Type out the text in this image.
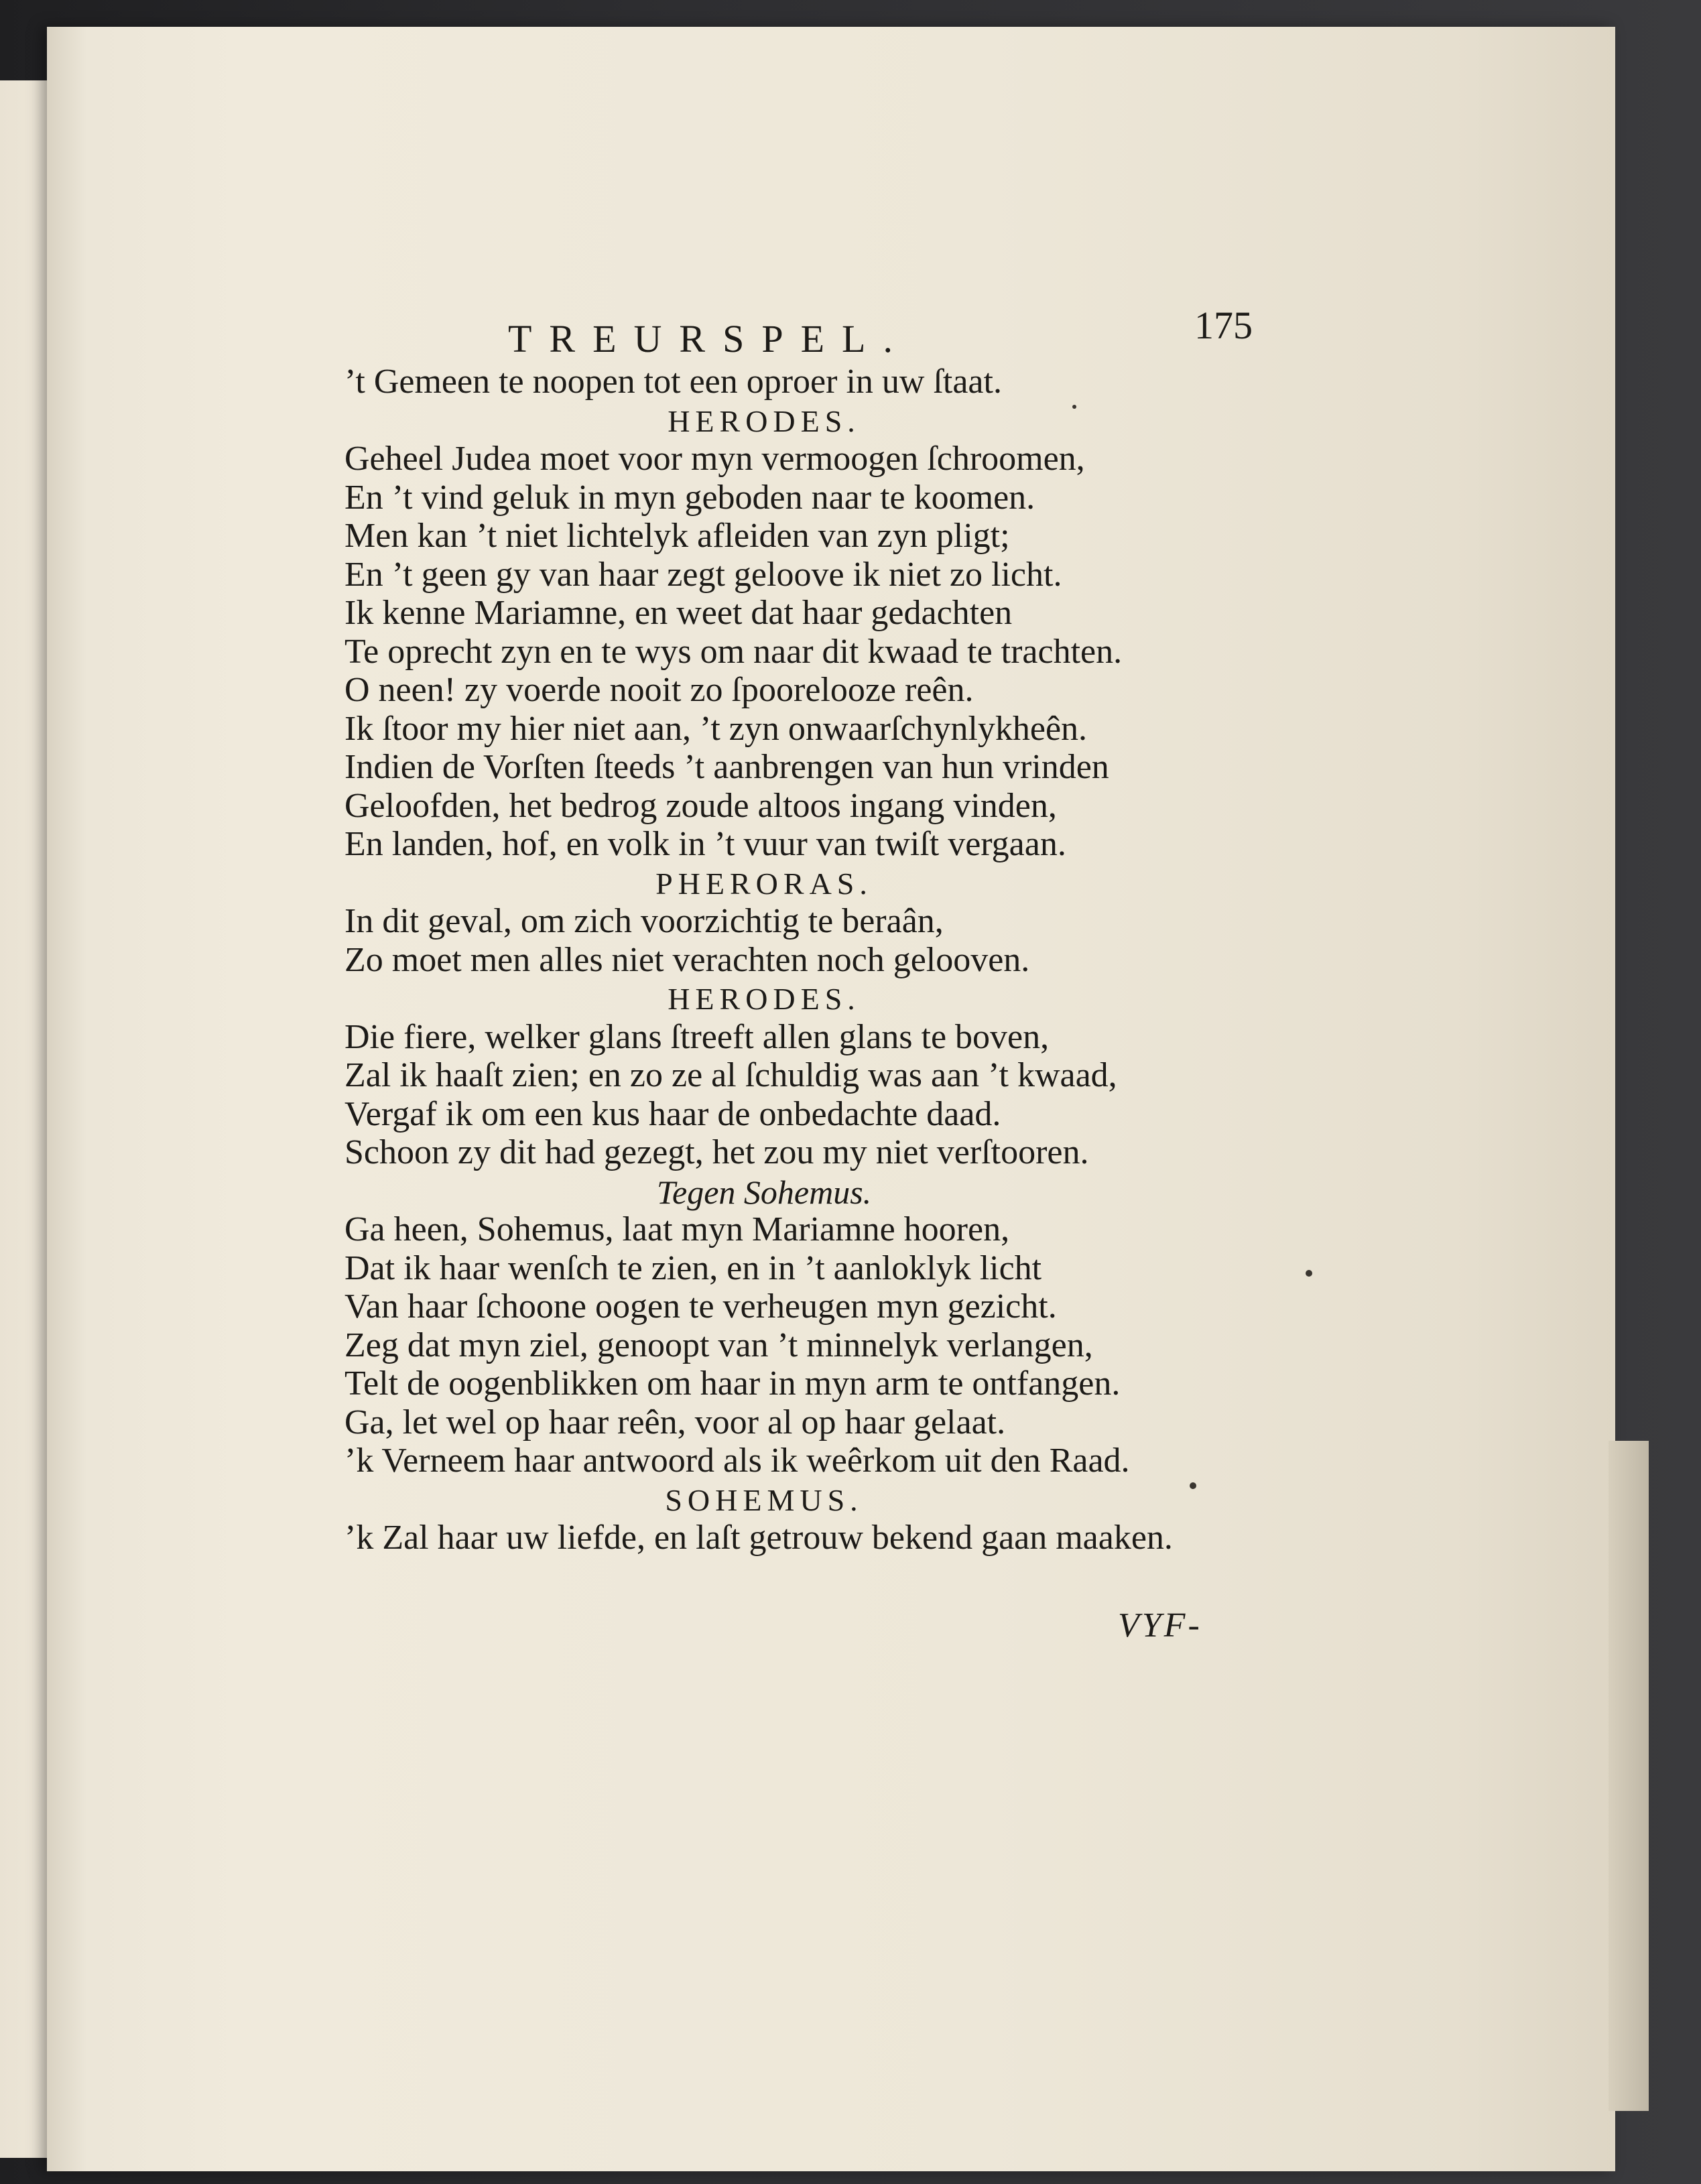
TREURSPEL.	175
’t Gemeen te noopen tot een oproer in uw ſtaat.
HERODES.
Geheel Judea moet voor myn vermoogen ſchroomen,
En ’t vind geluk in myn geboden naar te koomen.
Men kan ’t niet lichtelyk afleiden van zyn pligt;
En ’t geen gy van haar zegt geloove ik niet zo licht.
Ik kenne Mariamne, en weet dat haar gedachten
Te oprecht zyn en te wys om naar dit kwaad te trachten.
O neen! zy voerde nooit zo ſpoorelooze reên.
Ik ſtoor my hier niet aan, ’t zyn onwaarſchynlykheên.
Indien de Vorſten ſteeds ’t aanbrengen van hun vrinden
Geloofden, het bedrog zoude altoos ingang vinden,
En landen, hof, en volk in ’t vuur van twiſt vergaan.
PHERORAS.
In dit geval, om zich voorzichtig te beraân,
Zo moet men alles niet verachten noch gelooven.
HERODES.
Die fiere, welker glans ſtreeft allen glans te boven,
Zal ik haaſt zien; en zo ze al ſchuldig was aan ’t kwaad,
Vergaf ik om een kus haar de onbedachte daad.
Schoon zy dit had gezegt, het zou my niet verſtooren.
Tegen Sohemus.
Ga heen, Sohemus, laat myn Mariamne hooren,
Dat ik haar wenſch te zien, en in ’t aanloklyk licht
Van haar ſchoone oogen te verheugen myn gezicht.
Zeg dat myn ziel, genoopt van ’t minnelyk verlangen,
Telt de oogenblikken om haar in myn arm te ontfangen.
Ga, let wel op haar reên, voor al op haar gelaat.
’k Verneem haar antwoord als ik weêrkom uit den Raad.
SOHEMUS.
’k Zal haar uw liefde, en laſt getrouw bekend gaan maaken.
VYF-
